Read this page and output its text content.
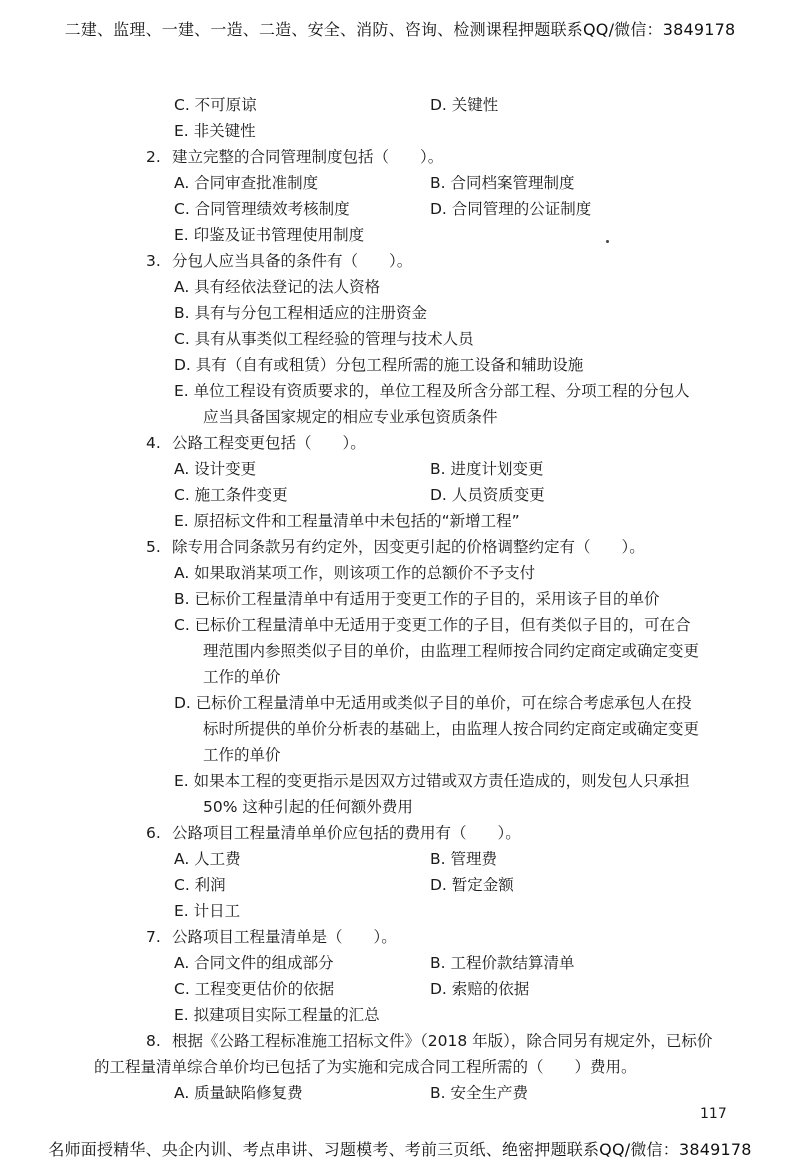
二建、监理、一建、一造、二造、安全、消防、咨询、检测课程押题联系QQ/微信：3849178
C. 不可原谅	D. 关键性
E. 非关键性
2. 建立完整的合同管理制度包括（　　）。
A. 合同审查批准制度	B. 合同档案管理制度
C. 合同管理绩效考核制度	D. 合同管理的公证制度
E. 印鉴及证书管理使用制度
3. 分包人应当具备的条件有（　　）。
A. 具有经依法登记的法人资格
B. 具有与分包工程相适应的注册资金
C. 具有从事类似工程经验的管理与技术人员
D. 具有（自有或租赁）分包工程所需的施工设备和辅助设施
E. 单位工程设有资质要求的，单位工程及所含分部工程、分项工程的分包人
应当具备国家规定的相应专业承包资质条件
4. 公路工程变更包括（　　）。
A. 设计变更	B. 进度计划变更
C. 施工条件变更	D. 人员资质变更
E. 原招标文件和工程量清单中未包括的“新增工程”
5. 除专用合同条款另有约定外，因变更引起的价格调整约定有（　　）。
A. 如果取消某项工作，则该项工作的总额价不予支付
B. 已标价工程量清单中有适用于变更工作的子目的，采用该子目的单价
C. 已标价工程量清单中无适用于变更工作的子目，但有类似子目的，可在合
理范围内参照类似子目的单价，由监理工程师按合同约定商定或确定变更
工作的单价
D. 已标价工程量清单中无适用或类似子目的单价，可在综合考虑承包人在投
标时所提供的单价分析表的基础上，由监理人按合同约定商定或确定变更
工作的单价
E. 如果本工程的变更指示是因双方过错或双方责任造成的，则发包人只承担
50% 这种引起的任何额外费用
6. 公路项目工程量清单单价应包括的费用有（　　）。
A. 人工费	B. 管理费
C. 利润	D. 暂定金额
E. 计日工
7. 公路项目工程量清单是（　　）。
A. 合同文件的组成部分	B. 工程价款结算清单
C. 工程变更估价的依据	D. 索赔的依据
E. 拟建项目实际工程量的汇总
8. 根据《公路工程标准施工招标文件》（2018 年版），除合同另有规定外，已标价
的工程量清单综合单价均已包括了为实施和完成合同工程所需的（　　）费用。
A. 质量缺陷修复费	B. 安全生产费
117
名师面授精华、央企内训、考点串讲、习题模考、考前三页纸、绝密押题联系QQ/微信：3849178
